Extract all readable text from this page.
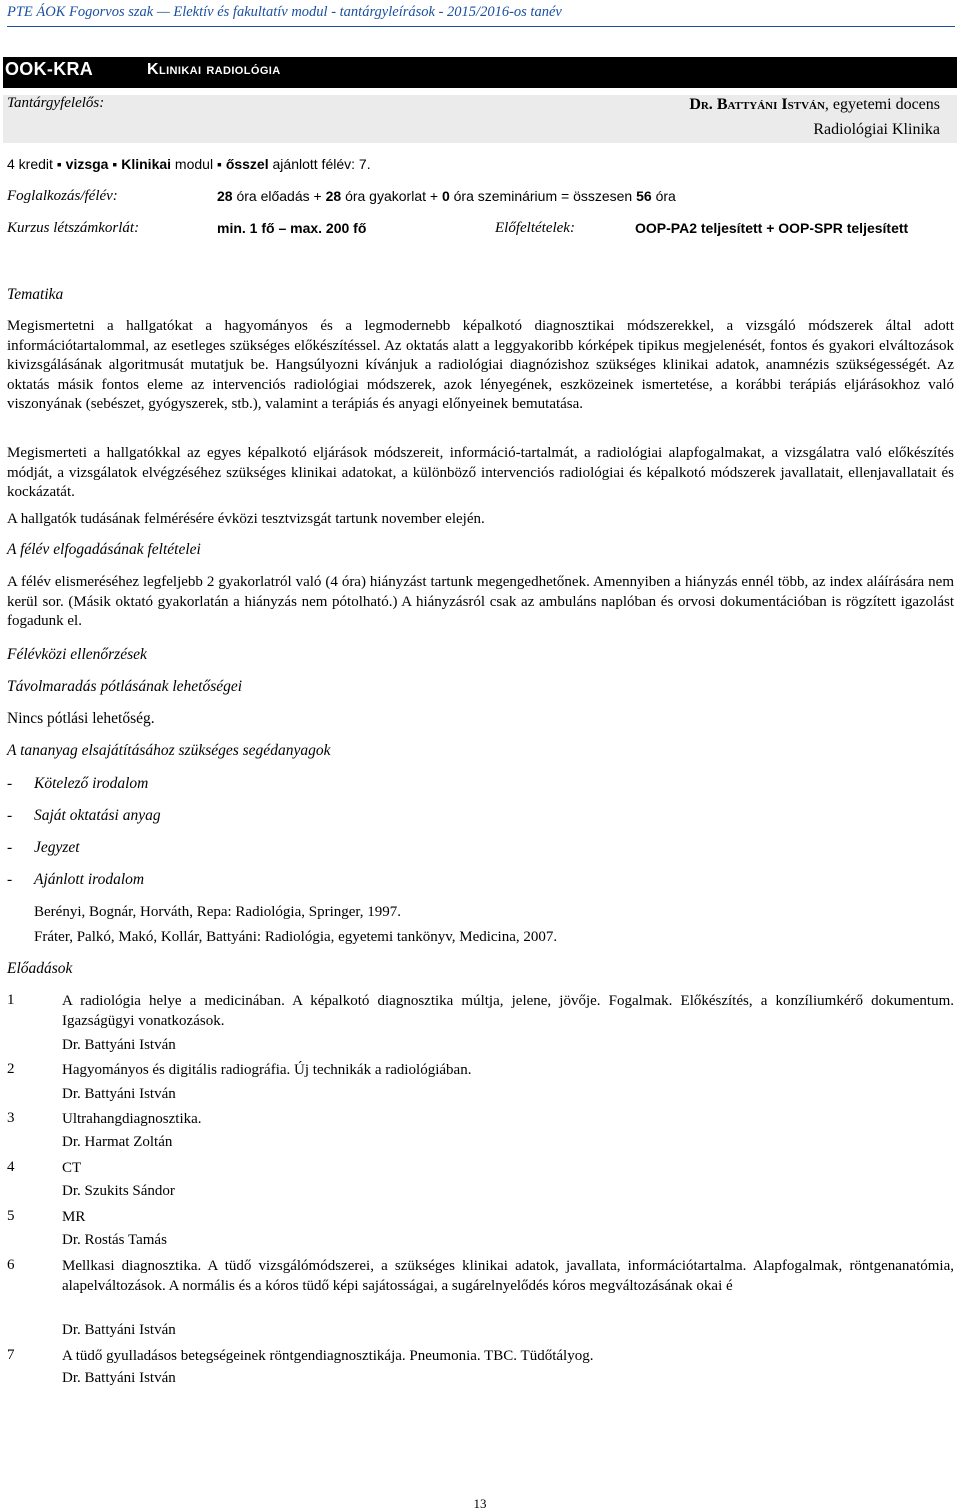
PTE ÁOK Fogorvos szak — Elektív és fakultatív modul - tantárgyleírások - 2015/2016-os tanév
OOK-KRA	Klinikai radiológia
Tantárgyfelelős:	Dr. Battyáni István, egyetemi docens
Radiológiai Klinika
4 kredit ▪ vizsga ▪ Klinikai modul ▪ ősszel ajánlott félév: 7.
Foglalkozás/félév:	28 óra előadás + 28 óra gyakorlat + 0 óra szeminárium = összesen 56 óra
Kurzus létszámkorlát:	min. 1 fő – max. 200 fő	Előfeltételek:	OOP-PA2 teljesített + OOP-SPR teljesített
Tematika
Megismertetni a hallgatókat a hagyományos és a legmodernebb képalkotó diagnosztikai módszerekkel, a vizsgáló módszerek által adott információtartalommal, az esetleges szükséges előkészítéssel. Az oktatás alatt a leggyakoribb kórképek tipikus megjelenését, fontos és gyakori elváltozások kivizsgálásának algoritmusát mutatjuk be. Hangsúlyozni kívánjuk a radiológiai diagnózishoz szükséges klinikai adatok, anamnézis szükségességét. Az oktatás másik fontos eleme az intervenciós radiológiai módszerek, azok lényegének, eszközeinek ismertetése, a korábbi terápiás eljárásokhoz való viszonyának (sebészet, gyógyszerek, stb.), valamint a terápiás és anyagi előnyeinek bemutatása.
Megismerteti a hallgatókkal az egyes képalkotó eljárások módszereit, információ-tartalmát, a radiológiai alapfogalmakat, a vizsgálatra való előkészítés módját, a vizsgálatok elvégzéséhez szükséges klinikai adatokat, a különböző intervenciós radiológiai és képalkotó módszerek javallatait, ellenjavallatait és kockázatát.
A hallgatók tudásának felmérésére évközi tesztvizsgát tartunk november elején.
A félév elfogadásának feltételei
A félév elismeréséhez legfeljebb 2 gyakorlatról való (4 óra) hiányzást tartunk megengedhetőnek. Amennyiben a hiányzás ennél több, az index aláírására nem kerül sor. (Másik oktató gyakorlatán a hiányzás nem pótolható.) A hiányzásról csak az ambuláns naplóban és orvosi dokumentációban is rögzített igazolást fogadunk el.
Félévközi ellenőrzések
Távolmaradás pótlásának lehetőségei
Nincs pótlási lehetőség.
A tananyag elsajátításához szükséges segédanyagok
- Kötelező irodalom
- Saját oktatási anyag
- Jegyzet
- Ajánlott irodalom
Berényi, Bognár, Horváth, Repa: Radiológia, Springer, 1997.
Fráter, Palkó, Makó, Kollár, Battyáni: Radiológia, egyetemi tankönyv, Medicina, 2007.
Előadások
1	A radiológia helye a medicinában. A képalkotó diagnosztika múltja, jelene, jövője. Fogalmak. Előkészítés, a konzíliumkérő dokumentum. Igazságügyi vonatkozások.
Dr. Battyáni István
2	Hagyományos és digitális radiográfia. Új technikák a radiológiában.
Dr. Battyáni István
3	Ultrahangdiagnosztika.
Dr. Harmat Zoltán
4	CT
Dr. Szukits Sándor
5	MR
Dr. Rostás Tamás
6	Mellkasi diagnosztika. A tüdő vizsgálómódszerei, a szükséges klinikai adatok, javallata, információtartalma. Alapfogalmak, röntgenanatómia, alapelváltozások. A normális és a kóros tüdő képi sajátosságai, a sugárelnyelődés kóros megváltozásának okai é
Dr. Battyáni István
7	A tüdő gyulladásos betegségeinek röntgendiagnosztikája. Pneumonia. TBC. Tüdőtályog.
Dr. Battyáni István
13
